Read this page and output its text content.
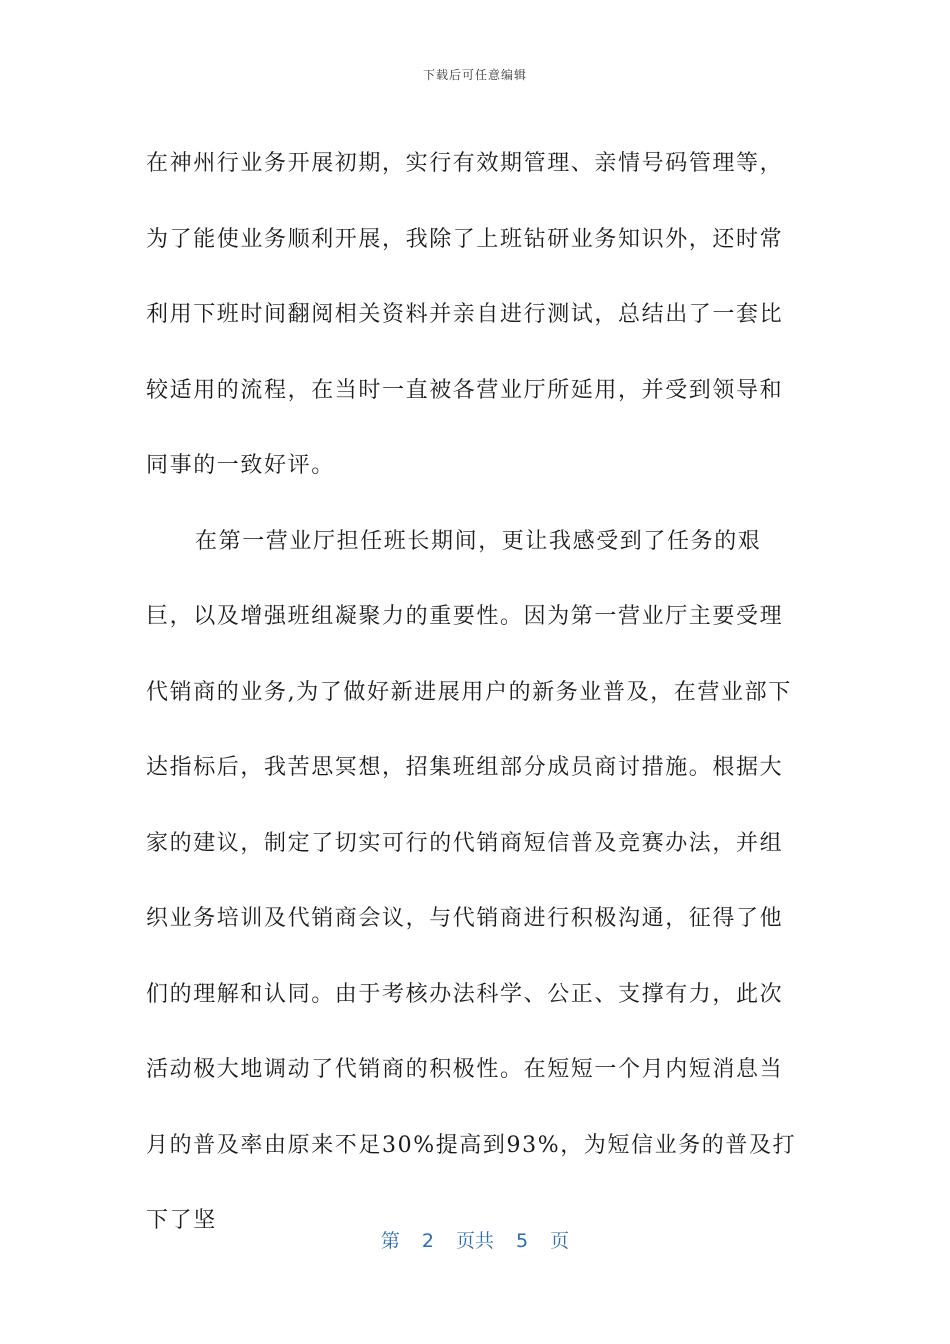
下载后可任意编辑

在神州行业务开展初期，实行有效期管理、亲情号码管理等，为了能使业务顺利开展，我除了上班钻研业务知识外，还时常利用下班时间翻阅相关资料并亲自进行测试，总结出了一套比较适用的流程，在当时一直被各营业厅所延用，并受到领导和同事的一致好评。

在第一营业厅担任班长期间，更让我感受到了任务的艰巨，以及增强班组凝聚力的重要性。因为第一营业厅主要受理代销商的业务,为了做好新进展用户的新务业普及，在营业部下达指标后，我苦思冥想，招集班组部分成员商讨措施。根据大家的建议，制定了切实可行的代销商短信普及竞赛办法，并组织业务培训及代销商会议，与代销商进行积极沟通，征得了他们的理解和认同。由于考核办法科学、公正、支撑有力，此次活动极大地调动了代销商的积极性。在短短一个月内短消息当月的普及率由原来不足30%提高到93%，为短信业务的普及打下了坚

第 2 页共 5 页
